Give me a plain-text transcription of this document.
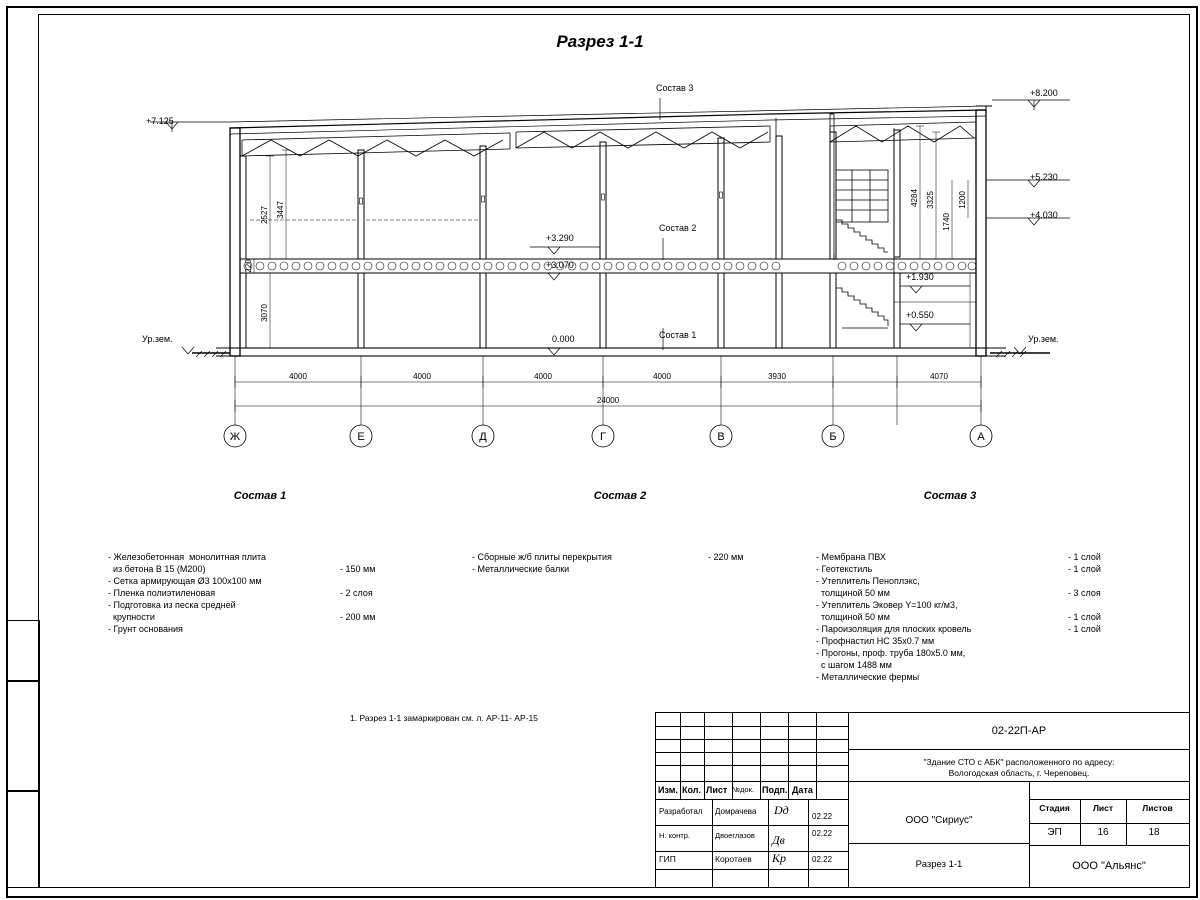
Разрез 1-1
Ж	Е	Д	Г	В	Б	А
4000	4000	4000	4000	3930	4070
24000
2527 3447
220
3070
4284 3325
1740
1200
+7.125
+8.200
+5.230
+4.030
+3.290
+3.070
+1.930
+0.550
0.000
Ур.зем.	Ур.зем.
Состав 3
Состав 2
Состав 1
Состав 1
- Железобетонная  монолитная плита
из бетона B 15 (М200)	- 150 мм
- Сетка армирующая Ø3 100х100 мм
- Пленка полиэтиленовая	- 2 слоя
- Подготовка из песка средней
крупности	- 200 мм
- Грунт основания
Состав 2
- Сборные ж/б плиты перекрытия	- 220 мм
- Металлические балки
Состав 3
- Мембрана ПВХ	- 1 слой
- Геотекстиль	- 1 слой
- Утеплитель Пеноплэкс,
толщиной 50 мм	- 3 слоя
- Утеплитель Эковер Y=100 кг/м3,
толщиной 50 мм	- 1 слой
- Пароизоляция для плоских кровель	- 1 слой
- Профнастил НС 35х0.7 мм
- Прогоны, проф. труба 180х5.0 мм,
с шагом 1488 мм
- Металлические фермы
1. Разрез 1-1 замаркирован см. л. АР-11- АР-15
Изм. Кол. Лист №док. Подп. Дата
Разработал Домрачева Dд	02.22
Н. контр.	Двоеглазов Дв	02.22
ГИП	Коротаев Кр	02.22
02-22П-АР
"Здание СТО с АБК" расположенного по адресу:
Вологодская область, г. Череповец.
ООО "Сириус"
Разрез 1-1
Стадия	Лист	Листов
ЭП	16	18
ООО "Альянс"
